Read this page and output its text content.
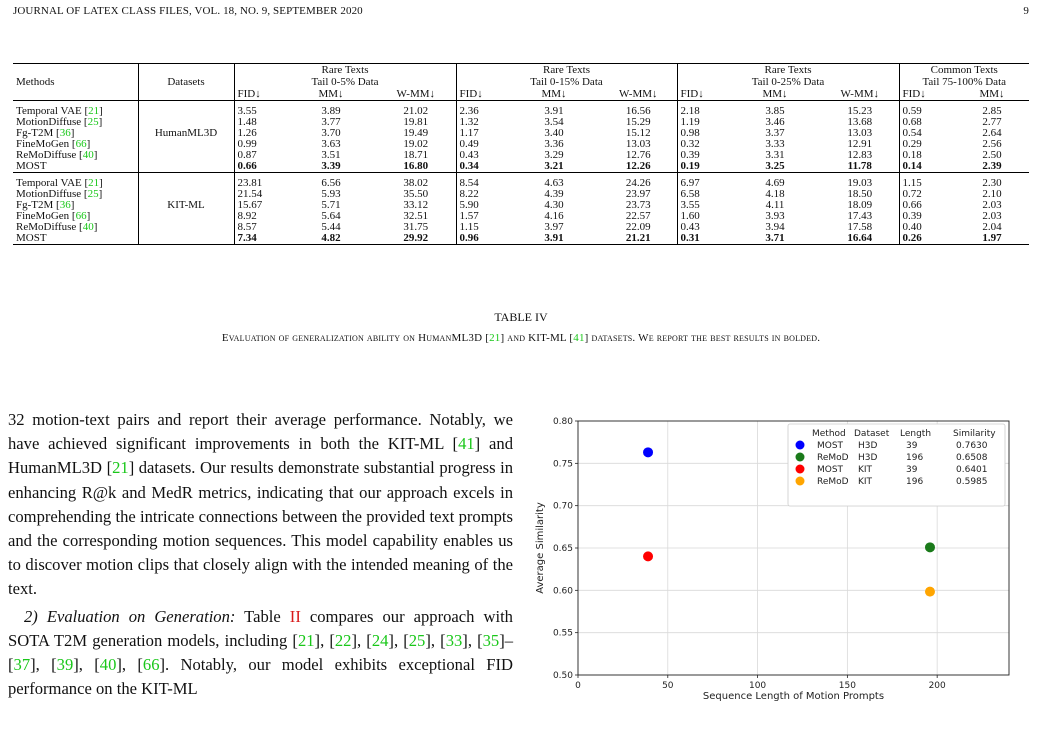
JOURNAL OF LATEX CLASS FILES, VOL. 18, NO. 9, SEPTEMBER 2020	9
		Rare Texts			Rare Texts			Rare Texts			Common Texts	
Methods	Datasets	Tail 0-5% Data			Tail 0-15% Data			Tail 0-25% Data			Tail 75-100% Data	
		FID↓	MM↓	W-MM↓	FID↓	MM↓	W-MM↓	FID↓	MM↓	W-MM↓	FID↓	MM↓

Temporal VAE [21]		3.55	3.89	21.02	2.36	3.91	16.56	2.18	3.85	15.23	0.59	2.85
MotionDiffuse [25]		1.48	3.77	19.81	1.32	3.54	15.29	1.19	3.46	13.68	0.68	2.77
Fg-T2M [36]	HumanML3D	1.26	3.70	19.49	1.17	3.40	15.12	0.98	3.37	13.03	0.54	2.64
FineMoGen [66]		0.99	3.63	19.02	0.49	3.36	13.03	0.32	3.33	12.91	0.29	2.56
ReMoDiffuse [40]		0.87	3.51	18.71	0.43	3.29	12.76	0.39	3.31	12.83	0.18	2.50
MOST		0.66	3.39	16.80	0.34	3.21	12.26	0.19	3.25	11.78	0.14	2.39

Temporal VAE [21]		23.81	6.56	38.02	8.54	4.63	24.26	6.97	4.69	19.03	1.15	2.30
MotionDiffuse [25]		21.54	5.93	35.50	8.22	4.39	23.97	6.58	4.18	18.50	0.72	2.10
Fg-T2M [36]	KIT-ML	15.67	5.71	33.12	5.90	4.30	23.73	3.55	4.11	18.09	0.66	2.03
FineMoGen [66]		8.92	5.64	32.51	1.57	4.16	22.57	1.60	3.93	17.43	0.39	2.03
ReMoDiffuse [40]		8.57	5.44	31.75	1.15	3.97	22.09	0.43	3.94	17.58	0.40	2.04
MOST		7.34	4.82	29.92	0.96	3.91	21.21	0.31	3.71	16.64	0.26	1.97
TABLE IV
Evaluation of generalization ability on HumanML3D [21] and KIT-ML [41] datasets. We report the best results in bolded.

32 motion-text pairs and report their average performance. Notably, we have achieved significant improvements in both the KIT-ML [41] and HumanML3D [21] datasets. Our results demonstrate substantial progress in enhancing R@k and MedR metrics, indicating that our approach excels in comprehending the intricate connections between the provided text prompts and the corresponding motion sequences. This model capability enables us to discover motion clips that closely align with the intended meaning of the text.

2) Evaluation on Generation: Table II compares our approach with SOTA T2M generation models, including [21], [22], [24], [25], [33], [35]–[37], [39], [40], [66]. Notably, our model exhibits exceptional FID performance on the KIT-ML	0	50	100	150	200
0.50
0.55
0.60
0.65
0.70
0.75
0.80
Sequence Length of Motion Prompts
Average Similarity
Method Dataset Length Similarity
MOST H3D	39	0.7630
ReMoD H3D	196	0.6508
MOST KIT	39	0.6401
ReMoD KIT	196	0.5985
